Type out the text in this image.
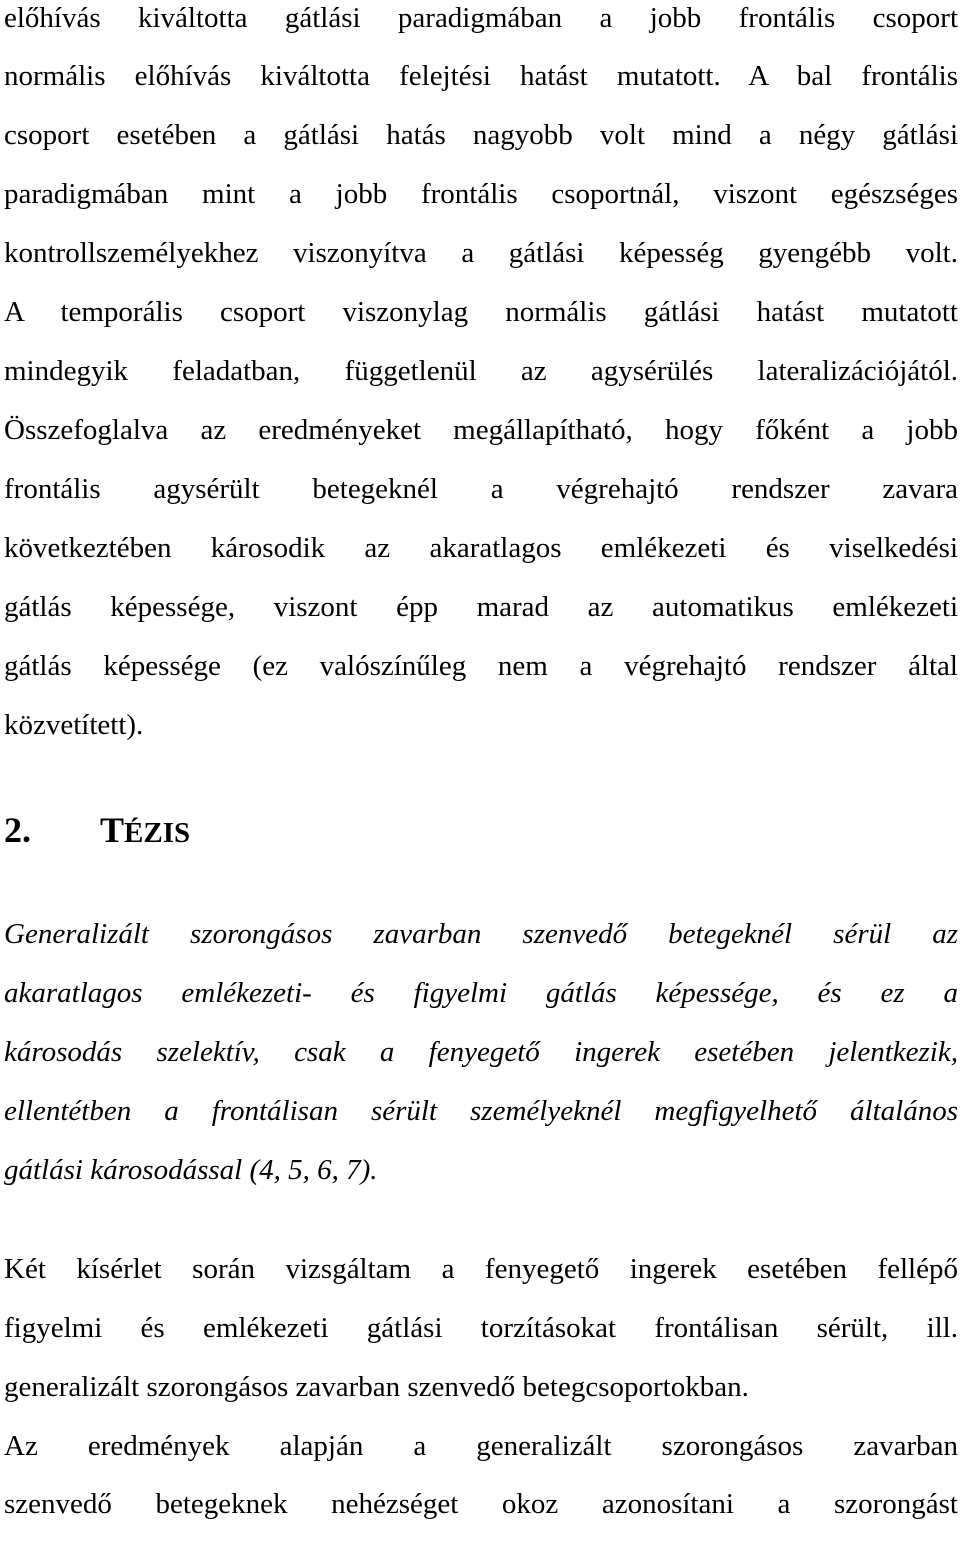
előhívás kiváltotta gátlási paradigmában a jobb frontális csoport
normális előhívás kiváltotta felejtési hatást mutatott. A bal frontális
csoport esetében a gátlási hatás nagyobb volt mind a négy gátlási
paradigmában mint a jobb frontális csoportnál, viszont egészséges
kontrollszemélyekhez viszonyítva a gátlási képesség gyengébb volt.
A temporális csoport viszonylag normális gátlási hatást mutatott
mindegyik feladatban, függetlenül az agysérülés lateralizációjától.
Összefoglalva az eredményeket megállapítható, hogy főként a jobb
frontális agysérült betegeknél a végrehajtó rendszer zavara
következtében károsodik az akaratlagos emlékezeti és viselkedési
gátlás képessége, viszont épp marad az automatikus emlékezeti
gátlás képessége (ez valószínűleg nem a végrehajtó rendszer által
közvetített).
2. TÉZIS
Generalizált szorongásos zavarban szenvedő betegeknél sérül az
akaratlagos emlékezeti- és figyelmi gátlás képessége, és ez a
károsodás szelektív, csak a fenyegető ingerek esetében jelentkezik,
ellentétben a frontálisan sérült személyeknél megfigyelhető általános
gátlási károsodással (4, 5, 6, 7).
Két kísérlet során vizsgáltam a fenyegető ingerek esetében fellépő
figyelmi és emlékezeti gátlási torzításokat frontálisan sérült, ill.
generalizált szorongásos zavarban szenvedő betegcsoportokban.
Az eredmények alapján a generalizált szorongásos zavarban
szenvedő betegeknek nehézséget okoz azonosítani a szorongást
